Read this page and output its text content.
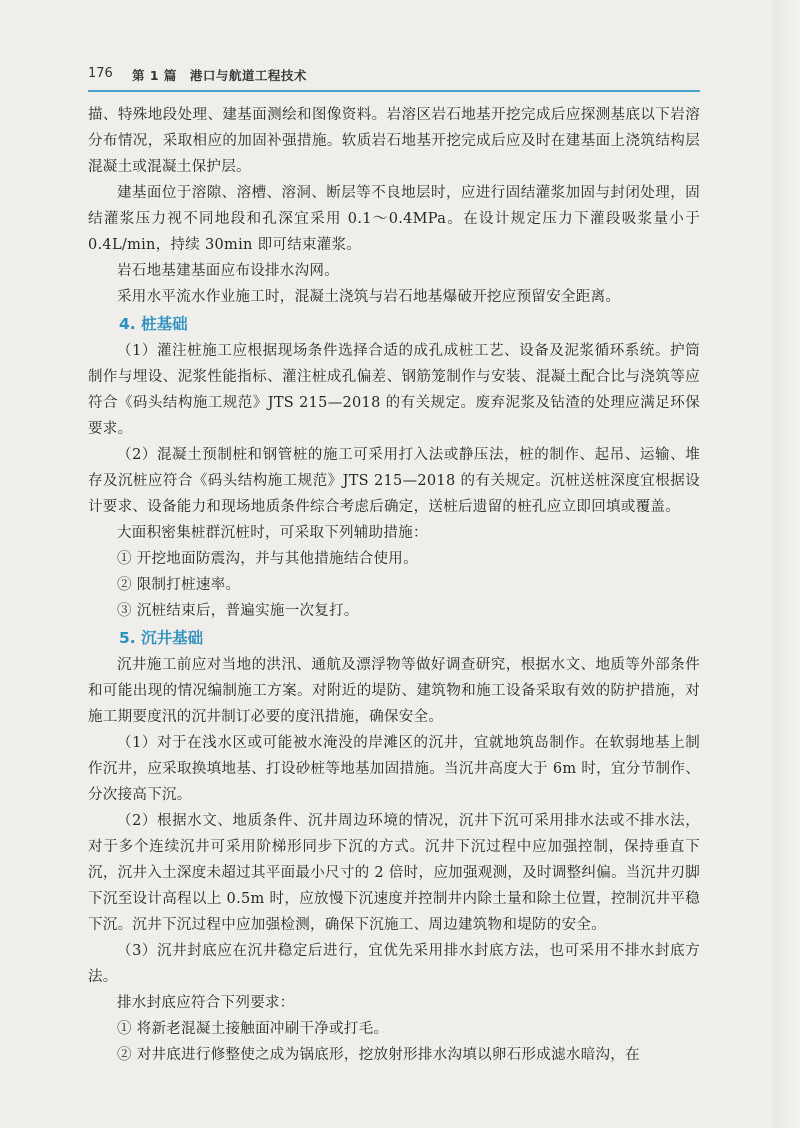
176 第 1 篇　港口与航道工程技术

描、特殊地段处理、建基面测绘和图像资料。岩溶区岩石地基开挖完成后应探测基底以下岩溶分布情况，采取相应的加固补强措施。软质岩石地基开挖完成后应及时在建基面上浇筑结构层混凝土或混凝土保护层。

建基面位于溶隙、溶槽、溶洞、断层等不良地层时，应进行固结灌浆加固与封闭处理，固结灌浆压力视不同地段和孔深宜采用 0.1～0.4MPa。在设计规定压力下灌段吸浆量小于 0.4L/min，持续 30min 即可结束灌浆。

岩石地基建基面应布设排水沟网。

采用水平流水作业施工时，混凝土浇筑与岩石地基爆破开挖应预留安全距离。

4. 桩基础

（1）灌注桩施工应根据现场条件选择合适的成孔成桩工艺、设备及泥浆循环系统。护筒制作与埋设、泥浆性能指标、灌注桩成孔偏差、钢筋笼制作与安装、混凝土配合比与浇筑等应符合《码头结构施工规范》JTS 215—2018 的有关规定。废弃泥浆及钻渣的处理应满足环保要求。

（2）混凝土预制桩和钢管桩的施工可采用打入法或静压法，桩的制作、起吊、运输、堆存及沉桩应符合《码头结构施工规范》JTS 215—2018 的有关规定。沉桩送桩深度宜根据设计要求、设备能力和现场地质条件综合考虑后确定，送桩后遗留的桩孔应立即回填或覆盖。

大面积密集桩群沉桩时，可采取下列辅助措施：

① 开挖地面防震沟，并与其他措施结合使用。

② 限制打桩速率。

③ 沉桩结束后，普遍实施一次复打。

5. 沉井基础

沉井施工前应对当地的洪汛、通航及漂浮物等做好调查研究，根据水文、地质等外部条件和可能出现的情况编制施工方案。对附近的堤防、建筑物和施工设备采取有效的防护措施，对施工期要度汛的沉井制订必要的度汛措施，确保安全。

（1）对于在浅水区或可能被水淹没的岸滩区的沉井，宜就地筑岛制作。在软弱地基上制作沉井，应采取换填地基、打设砂桩等地基加固措施。当沉井高度大于 6m 时，宜分节制作、分次接高下沉。

（2）根据水文、地质条件、沉井周边环境的情况，沉井下沉可采用排水法或不排水法，对于多个连续沉井可采用阶梯形同步下沉的方式。沉井下沉过程中应加强控制，保持垂直下沉，沉井入土深度未超过其平面最小尺寸的 2 倍时，应加强观测，及时调整纠偏。当沉井刃脚下沉至设计高程以上 0.5m 时，应放慢下沉速度并控制井内除土量和除土位置，控制沉井平稳下沉。沉井下沉过程中应加强检测，确保下沉施工、周边建筑物和堤防的安全。

（3）沉井封底应在沉井稳定后进行，宜优先采用排水封底方法，也可采用不排水封底方法。

排水封底应符合下列要求：

① 将新老混凝土接触面冲刷干净或打毛。

② 对井底进行修整使之成为锅底形，挖放射形排水沟填以卵石形成滤水暗沟，在
